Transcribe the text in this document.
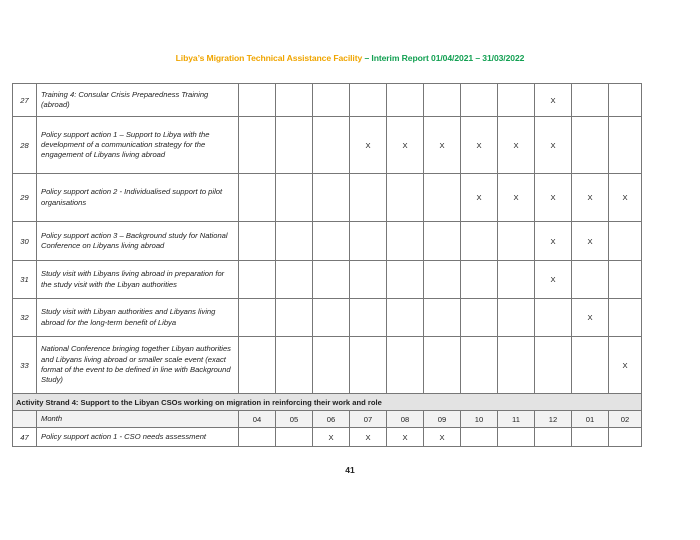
Libya’s Migration Technical Assistance Facility – Interim Report 01/04/2021 – 31/03/2022
27	Training 4: Consular Crisis Preparedness Training (abroad)									X		
28	Policy support action 1 – Support to Libya with the development of a communication strategy for the engagement of Libyans living abroad				X	X	X	X	X	X		
29	Policy support action 2 - Individualised support to pilot organisations							X	X	X	X	X
30	Policy support action 3 – Background study for National Conference on Libyans living abroad									X	X	
31	Study visit with Libyans living abroad in preparation for the study visit with the Libyan authorities									X		
32	Study visit with Libyan authorities and Libyans living abroad for the long-term benefit of Libya										X	
33	National Conference bringing together Libyan authorities and Libyans living abroad or smaller scale event (exact format of the event to be defined in line with Background Study)											X
Activity Strand 4: Support to the Libyan CSOs working on migration in reinforcing their work and role												
	Month	04	05	06	07	08	09	10	11	12	01	02
47	Policy support action 1 - CSO needs assessment			X	X	X	X					
41
